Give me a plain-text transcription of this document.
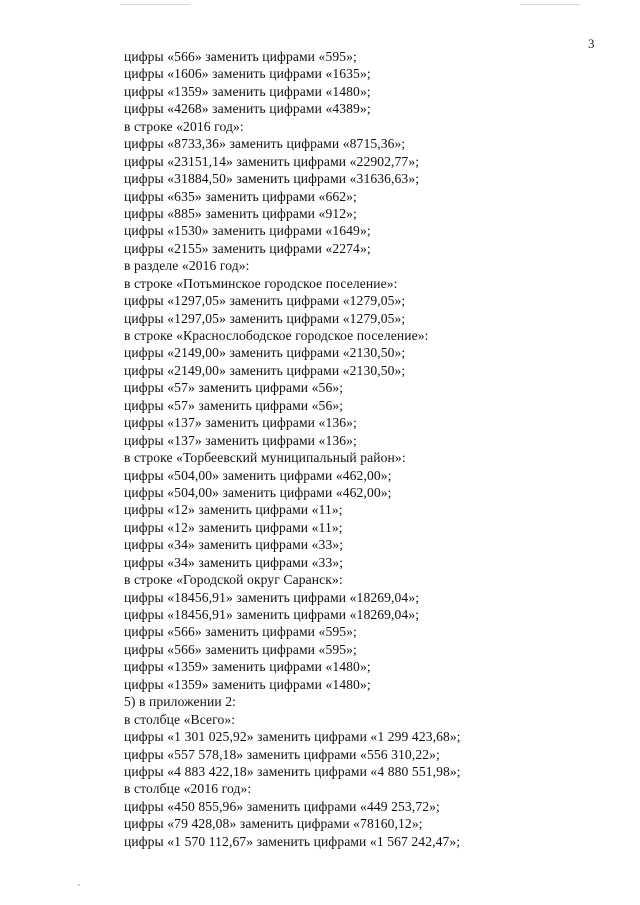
3
цифры «566» заменить цифрами «595»;
цифры «1606» заменить цифрами «1635»;
цифры «1359» заменить цифрами «1480»;
цифры «4268» заменить цифрами «4389»;
в строке «2016 год»:
цифры «8733,36» заменить цифрами «8715,36»;
цифры «23151,14» заменить цифрами «22902,77»;
цифры «31884,50» заменить цифрами «31636,63»;
цифры «635» заменить цифрами «662»;
цифры «885» заменить цифрами «912»;
цифры «1530» заменить цифрами «1649»;
цифры «2155» заменить цифрами «2274»;
в разделе «2016 год»:
в строке «Потьминское городское поселение»:
цифры «1297,05» заменить цифрами «1279,05»;
цифры «1297,05» заменить цифрами «1279,05»;
в строке «Краснослободское городское поселение»:
цифры «2149,00» заменить цифрами «2130,50»;
цифры «2149,00» заменить цифрами «2130,50»;
цифры «57» заменить цифрами «56»;
цифры «57» заменить цифрами «56»;
цифры «137» заменить цифрами «136»;
цифры «137» заменить цифрами «136»;
в строке «Торбеевский муниципальный район»:
цифры «504,00» заменить цифрами «462,00»;
цифры «504,00» заменить цифрами «462,00»;
цифры «12» заменить цифрами «11»;
цифры «12» заменить цифрами «11»;
цифры «34» заменить цифрами «33»;
цифры «34» заменить цифрами «33»;
в строке «Городской округ Саранск»:
цифры «18456,91» заменить цифрами «18269,04»;
цифры «18456,91» заменить цифрами «18269,04»;
цифры «566» заменить цифрами «595»;
цифры «566» заменить цифрами «595»;
цифры «1359» заменить цифрами «1480»;
цифры «1359» заменить цифрами «1480»;
5) в приложении 2:
в столбце «Всего»:
цифры «1 301 025,92» заменить цифрами «1 299 423,68»;
цифры «557 578,18» заменить цифрами «556 310,22»;
цифры «4 883 422,18» заменить цифрами «4 880 551,98»;
в столбце «2016 год»:
цифры «450 855,96» заменить цифрами «449 253,72»;
цифры «79 428,08» заменить цифрами «78160,12»;
цифры «1 570 112,67» заменить цифрами «1 567 242,47»;
